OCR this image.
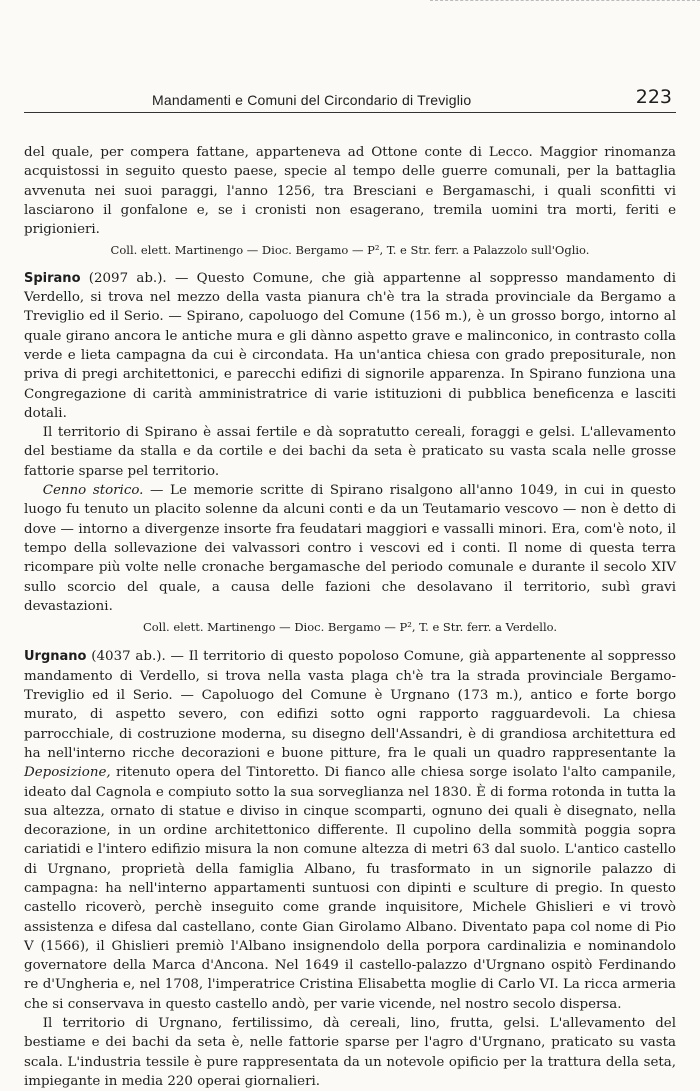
Mandamenti e Comuni del Circondario di Treviglio	223

del quale, per compera fattane, apparteneva ad Ottone conte di Lecco. Maggior rinomanza acquistossi in seguito questo paese, specie al tempo delle guerre comunali, per la battaglia avvenuta nei suoi paraggi, l'anno 1256, tra Bresciani e Bergamaschi, i quali sconfitti vi lasciarono il gonfalone e, se i cronisti non esagerano, tremila uomini tra morti, feriti e prigionieri.

Coll. elett. Martinengo — Dioc. Bergamo — P², T. e Str. ferr. a Palazzolo sull'Oglio.

Spirano (2097 ab.). — Questo Comune, che già appartenne al soppresso mandamento di Verdello, si trova nel mezzo della vasta pianura ch'è tra la strada provinciale da Bergamo a Treviglio ed il Serio. — Spirano, capoluogo del Comune (156 m.), è un grosso borgo, intorno al quale girano ancora le antiche mura e gli dànno aspetto grave e malinconico, in contrasto colla verde e lieta campagna da cui è circondata. Ha un'antica chiesa con grado prepositurale, non priva di pregi architettonici, e parecchi edifizi di signorile apparenza. In Spirano funziona una Congregazione di carità amministratrice di varie istituzioni di pubblica beneficenza e lasciti dotali.

Il territorio di Spirano è assai fertile e dà sopratutto cereali, foraggi e gelsi. L'allevamento del bestiame da stalla e da cortile e dei bachi da seta è praticato su vasta scala nelle grosse fattorie sparse pel territorio.

Cenno storico. — Le memorie scritte di Spirano risalgono all'anno 1049, in cui in questo luogo fu tenuto un placito solenne da alcuni conti e da un Teutamario vescovo — non è detto di dove — intorno a divergenze insorte fra feudatari maggiori e vassalli minori. Era, com'è noto, il tempo della sollevazione dei valvassori contro i vescovi ed i conti. Il nome di questa terra ricompare più volte nelle cronache bergamasche del periodo comunale e durante il secolo XIV sullo scorcio del quale, a causa delle fazioni che desolavano il territorio, subì gravi devastazioni.

Coll. elett. Martinengo — Dioc. Bergamo — P², T. e Str. ferr. a Verdello.

Urgnano (4037 ab.). — Il territorio di questo popoloso Comune, già appartenente al soppresso mandamento di Verdello, si trova nella vasta plaga ch'è tra la strada provinciale Bergamo-Treviglio ed il Serio. — Capoluogo del Comune è Urgnano (173 m.), antico e forte borgo murato, di aspetto severo, con edifizi sotto ogni rapporto ragguardevoli. La chiesa parrocchiale, di costruzione moderna, su disegno dell'Assandri, è di grandiosa architettura ed ha nell'interno ricche decorazioni e buone pitture, fra le quali un quadro rappresentante la Deposizione, ritenuto opera del Tintoretto. Di fianco alle chiesa sorge isolato l'alto campanile, ideato dal Cagnola e compiuto sotto la sua sorveglianza nel 1830. È di forma rotonda in tutta la sua altezza, ornato di statue e diviso in cinque scomparti, ognuno dei quali è disegnato, nella decorazione, in un ordine architettonico differente. Il cupolino della sommità poggia sopra cariatidi e l'intero edifizio misura la non comune altezza di metri 63 dal suolo. L'antico castello di Urgnano, proprietà della famiglia Albano, fu trasformato in un signorile palazzo di campagna: ha nell'interno appartamenti suntuosi con dipinti e sculture di pregio. In questo castello ricoverò, perchè inseguito come grande inquisitore, Michele Ghislieri e vi trovò assistenza e difesa dal castellano, conte Gian Girolamo Albano. Diventato papa col nome di Pio V (1566), il Ghislieri premiò l'Albano insignendolo della porpora cardinalizia e nominandolo governatore della Marca d'Ancona. Nel 1649 il castello-palazzo d'Urgnano ospitò Ferdinando re d'Ungheria e, nel 1708, l'imperatrice Cristina Elisabetta moglie di Carlo VI. La ricca armeria che si conservava in questo castello andò, per varie vicende, nel nostro secolo dispersa.

Il territorio di Urgnano, fertilissimo, dà cereali, lino, frutta, gelsi. L'allevamento del bestiame e dei bachi da seta è, nelle fattorie sparse per l'agro d'Urgnano, praticato su vasta scala. L'industria tessile è pure rappresentata da un notevole opificio per la trattura della seta, impiegante in media 220 operai giornalieri.
